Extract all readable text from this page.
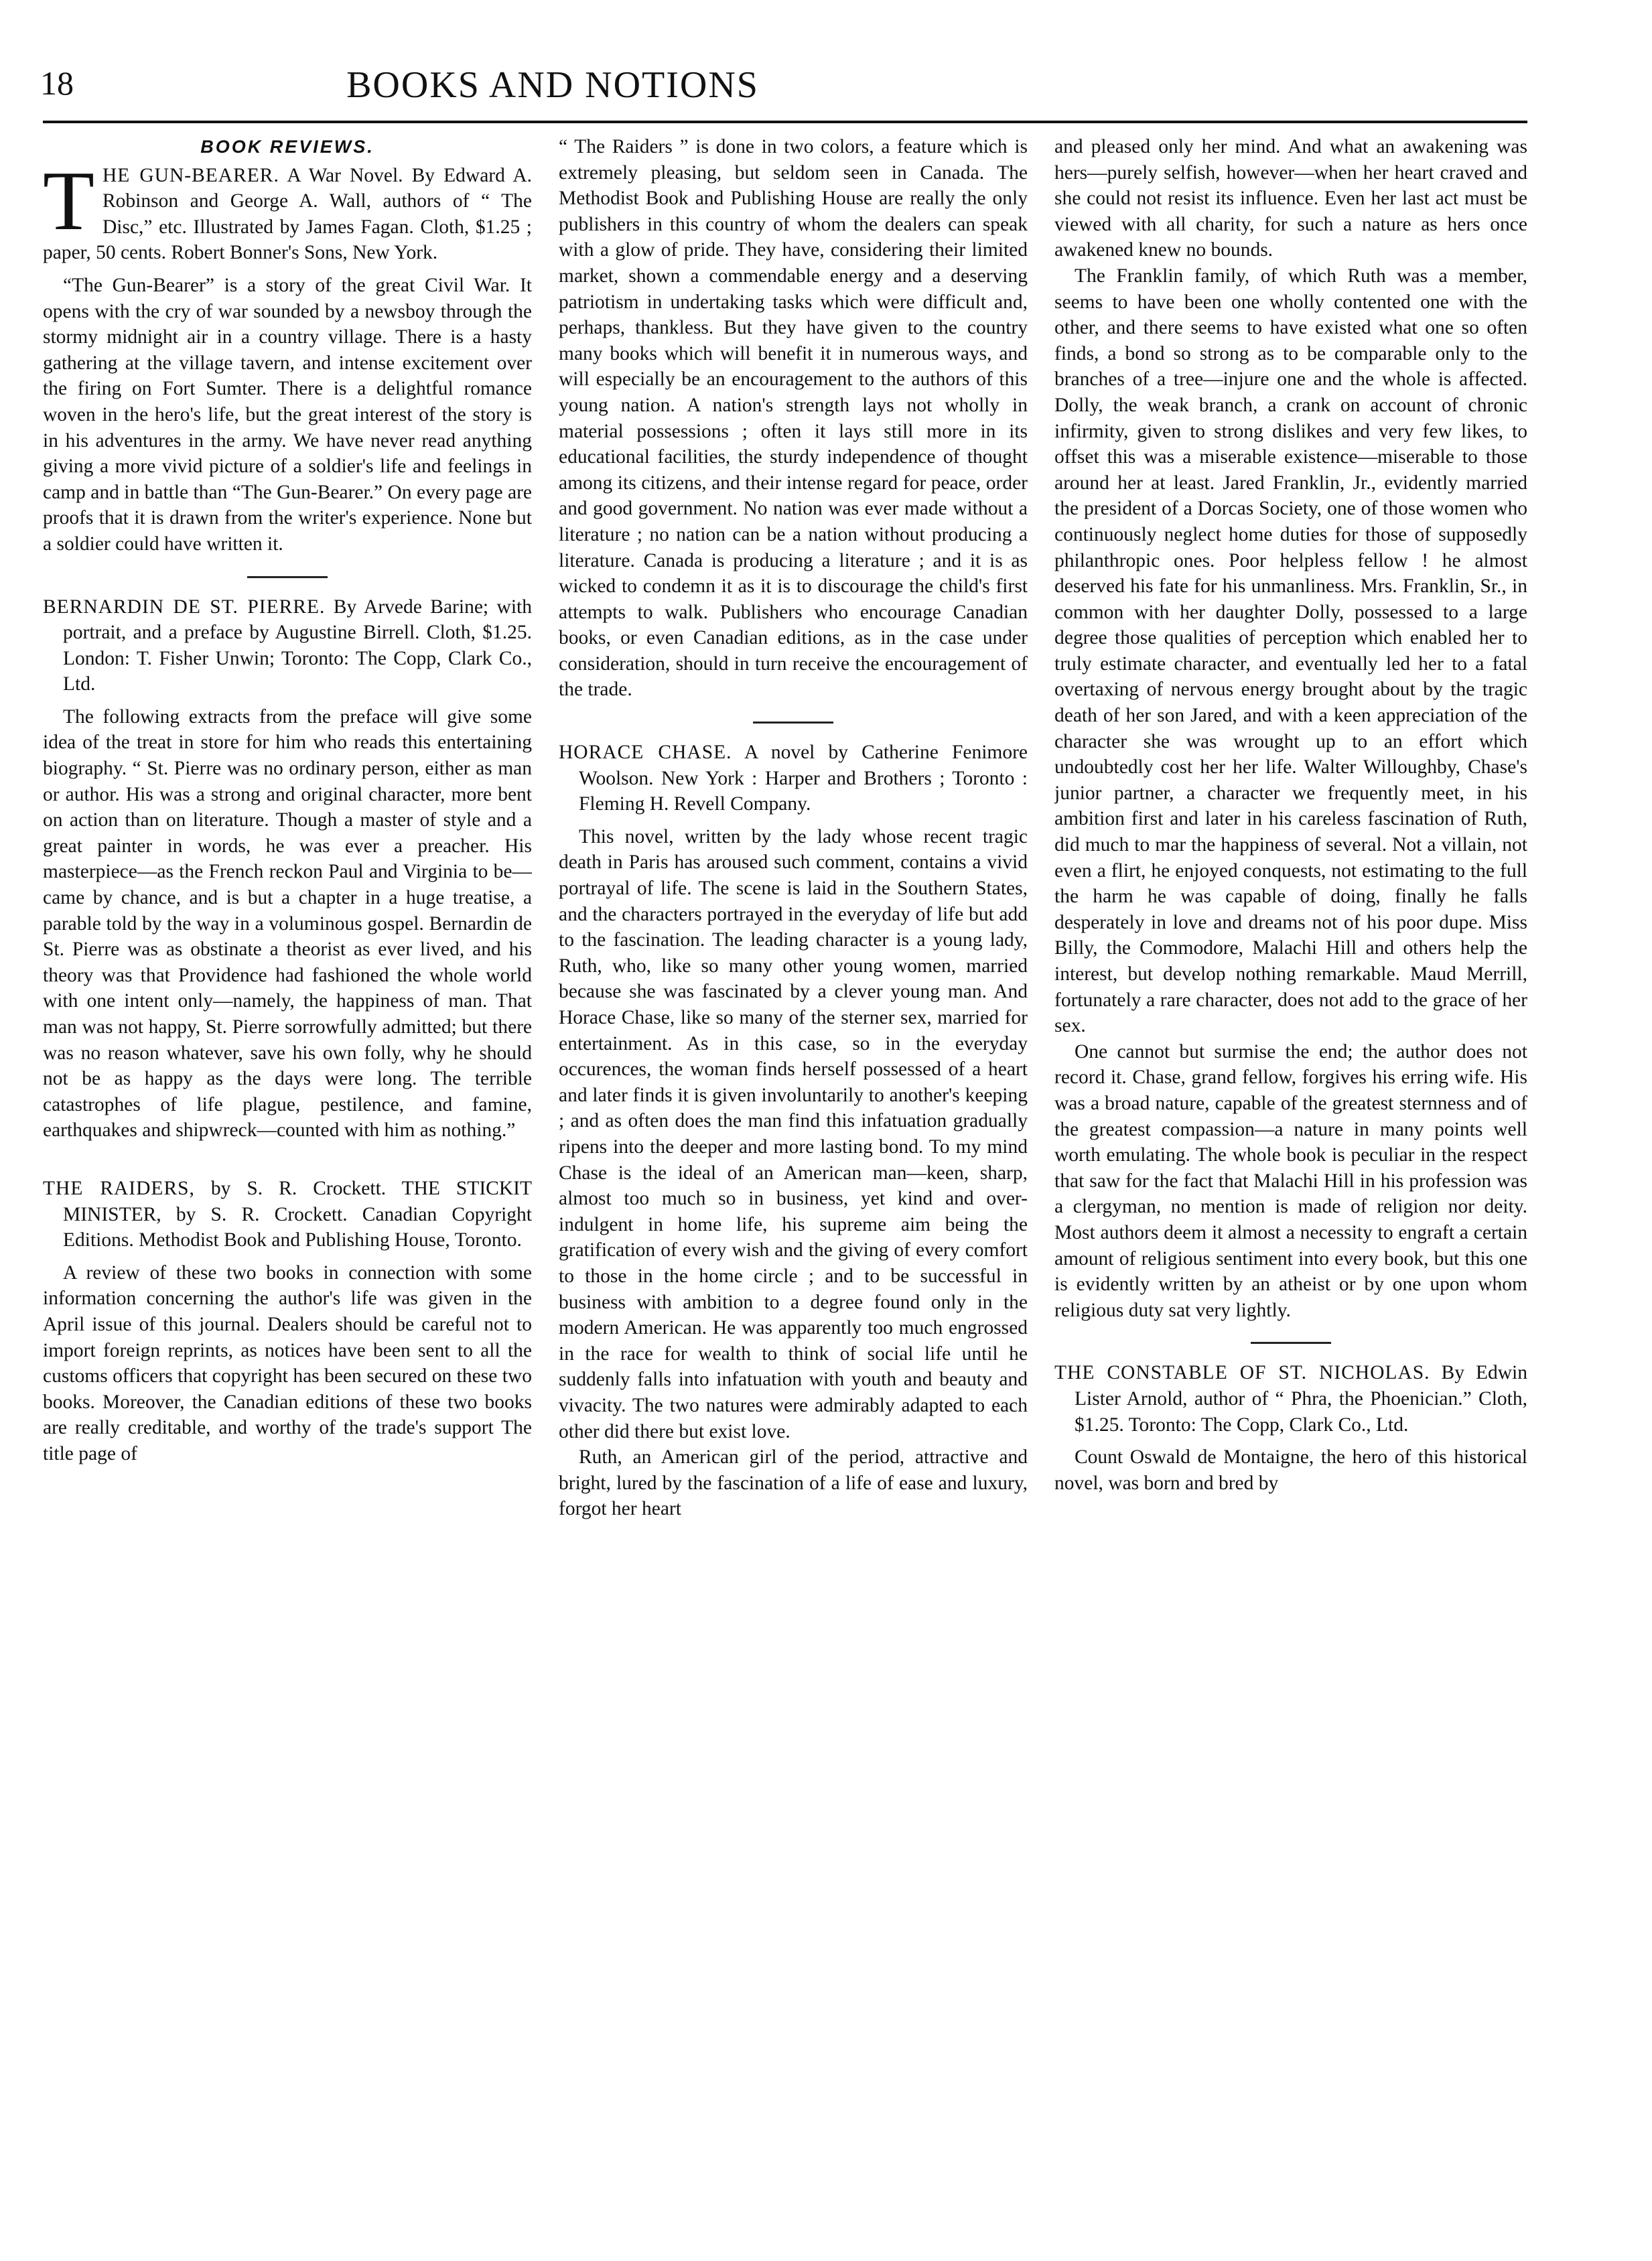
18	BOOKS AND NOTIONS
BOOK REVIEWS.

THE GUN-BEARER. A War Novel. By Edward A. Robinson and George A. Wall, authors of “ The Disc,” etc. Illustrated by James Fagan. Cloth, $1.25 ; paper, 50 cents. Robert Bonner's Sons, New York.

“The Gun-Bearer” is a story of the great Civil War. It opens with the cry of war sounded by a newsboy through the stormy midnight air in a country village. There is a hasty gathering at the village tavern, and intense excitement over the firing on Fort Sumter. There is a delightful romance woven in the hero's life, but the great interest of the story is in his adventures in the army. We have never read anything giving a more vivid picture of a soldier's life and feelings in camp and in battle than “The Gun-Bearer.” On every page are proofs that it is drawn from the writer's experience. None but a soldier could have written it.

BERNARDIN DE ST. PIERRE. By Arvede Barine; with portrait, and a preface by Augustine Birrell. Cloth, $1.25. London: T. Fisher Unwin; Toronto: The Copp, Clark Co., Ltd.

The following extracts from the preface will give some idea of the treat in store for him who reads this entertaining biography. “ St. Pierre was no ordinary person, either as man or author. His was a strong and original character, more bent on action than on literature. Though a master of style and a great painter in words, he was ever a preacher. His masterpiece—as the French reckon Paul and Virginia to be—came by chance, and is but a chapter in a huge treatise, a parable told by the way in a voluminous gospel. Bernardin de St. Pierre was as obstinate a theorist as ever lived, and his theory was that Providence had fashioned the whole world with one intent only—namely, the happiness of man. That man was not happy, St. Pierre sorrowfully admitted; but there was no reason whatever, save his own folly, why he should not be as happy as the days were long. The terrible catastrophes of life plague, pestilence, and famine, earthquakes and shipwreck—counted with him as nothing.”

THE RAIDERS, by S. R. Crockett. THE STICKIT MINISTER, by S. R. Crockett. Canadian Copyright Editions. Methodist Book and Publishing House, Toronto.

A review of these two books in connection with some information concerning the author's life was given in the April issue of this journal. Dealers should be careful not to import foreign reprints, as notices have been sent to all the customs officers that copyright has been secured on these two books. Moreover, the Canadian editions of these two books are really creditable, and worthy of the trade's support The title page of

“ The Raiders ” is done in two colors, a feature which is extremely pleasing, but seldom seen in Canada. The Methodist Book and Publishing House are really the only publishers in this country of whom the dealers can speak with a glow of pride. They have, considering their limited market, shown a commendable energy and a deserving patriotism in undertaking tasks which were difficult and, perhaps, thankless. But they have given to the country many books which will benefit it in numerous ways, and will especially be an encouragement to the authors of this young nation. A nation's strength lays not wholly in material possessions ; often it lays still more in its educational facilities, the sturdy independence of thought among its citizens, and their intense regard for peace, order and good government. No nation was ever made without a literature ; no nation can be a nation without producing a literature. Canada is producing a literature ; and it is as wicked to condemn it as it is to discourage the child's first attempts to walk. Publishers who encourage Canadian books, or even Canadian editions, as in the case under consideration, should in turn receive the encouragement of the trade.

HORACE CHASE. A novel by Catherine Fenimore Woolson. New York : Harper and Brothers ; Toronto : Fleming H. Revell Company.

This novel, written by the lady whose recent tragic death in Paris has aroused such comment, contains a vivid portrayal of life. The scene is laid in the Southern States, and the characters portrayed in the everyday of life but add to the fascination. The leading character is a young lady, Ruth, who, like so many other young women, married because she was fascinated by a clever young man. And Horace Chase, like so many of the sterner sex, married for entertainment. As in this case, so in the everyday occurences, the woman finds herself possessed of a heart and later finds it is given involuntarily to another's keeping ; and as often does the man find this infatuation gradually ripens into the deeper and more lasting bond. To my mind Chase is the ideal of an American man—keen, sharp, almost too much so in business, yet kind and over-indulgent in home life, his supreme aim being the gratification of every wish and the giving of every comfort to those in the home circle ; and to be successful in business with ambition to a degree found only in the modern American. He was apparently too much engrossed in the race for wealth to think of social life until he suddenly falls into infatuation with youth and beauty and vivacity. The two natures were admirably adapted to each other did there but exist love.

Ruth, an American girl of the period, attractive and bright, lured by the fascination of a life of ease and luxury, forgot her heart

and pleased only her mind. And what an awakening was hers—purely selfish, however—when her heart craved and she could not resist its influence. Even her last act must be viewed with all charity, for such a nature as hers once awakened knew no bounds.

The Franklin family, of which Ruth was a member, seems to have been one wholly contented one with the other, and there seems to have existed what one so often finds, a bond so strong as to be comparable only to the branches of a tree—injure one and the whole is affected. Dolly, the weak branch, a crank on account of chronic infirmity, given to strong dislikes and very few likes, to offset this was a miserable existence—miserable to those around her at least. Jared Franklin, Jr., evidently married the president of a Dorcas Society, one of those women who continuously neglect home duties for those of supposedly philanthropic ones. Poor helpless fellow ! he almost deserved his fate for his unmanliness. Mrs. Franklin, Sr., in common with her daughter Dolly, possessed to a large degree those qualities of perception which enabled her to truly estimate character, and eventually led her to a fatal overtaxing of nervous energy brought about by the tragic death of her son Jared, and with a keen appreciation of the character she was wrought up to an effort which undoubtedly cost her her life. Walter Willoughby, Chase's junior partner, a character we frequently meet, in his ambition first and later in his careless fascination of Ruth, did much to mar the happiness of several. Not a villain, not even a flirt, he enjoyed conquests, not estimating to the full the harm he was capable of doing, finally he falls desperately in love and dreams not of his poor dupe. Miss Billy, the Commodore, Malachi Hill and others help the interest, but develop nothing remarkable. Maud Merrill, fortunately a rare character, does not add to the grace of her sex.

One cannot but surmise the end; the author does not record it. Chase, grand fellow, forgives his erring wife. His was a broad nature, capable of the greatest sternness and of the greatest compassion—a nature in many points well worth emulating. The whole book is peculiar in the respect that saw for the fact that Malachi Hill in his profession was a clergyman, no mention is made of religion nor deity. Most authors deem it almost a necessity to engraft a certain amount of religious sentiment into every book, but this one is evidently written by an atheist or by one upon whom religious duty sat very lightly.

THE CONSTABLE OF ST. NICHOLAS. By Edwin Lister Arnold, author of “ Phra, the Phoenician.” Cloth, $1.25. Toronto: The Copp, Clark Co., Ltd.

Count Oswald de Montaigne, the hero of this historical novel, was born and bred by
